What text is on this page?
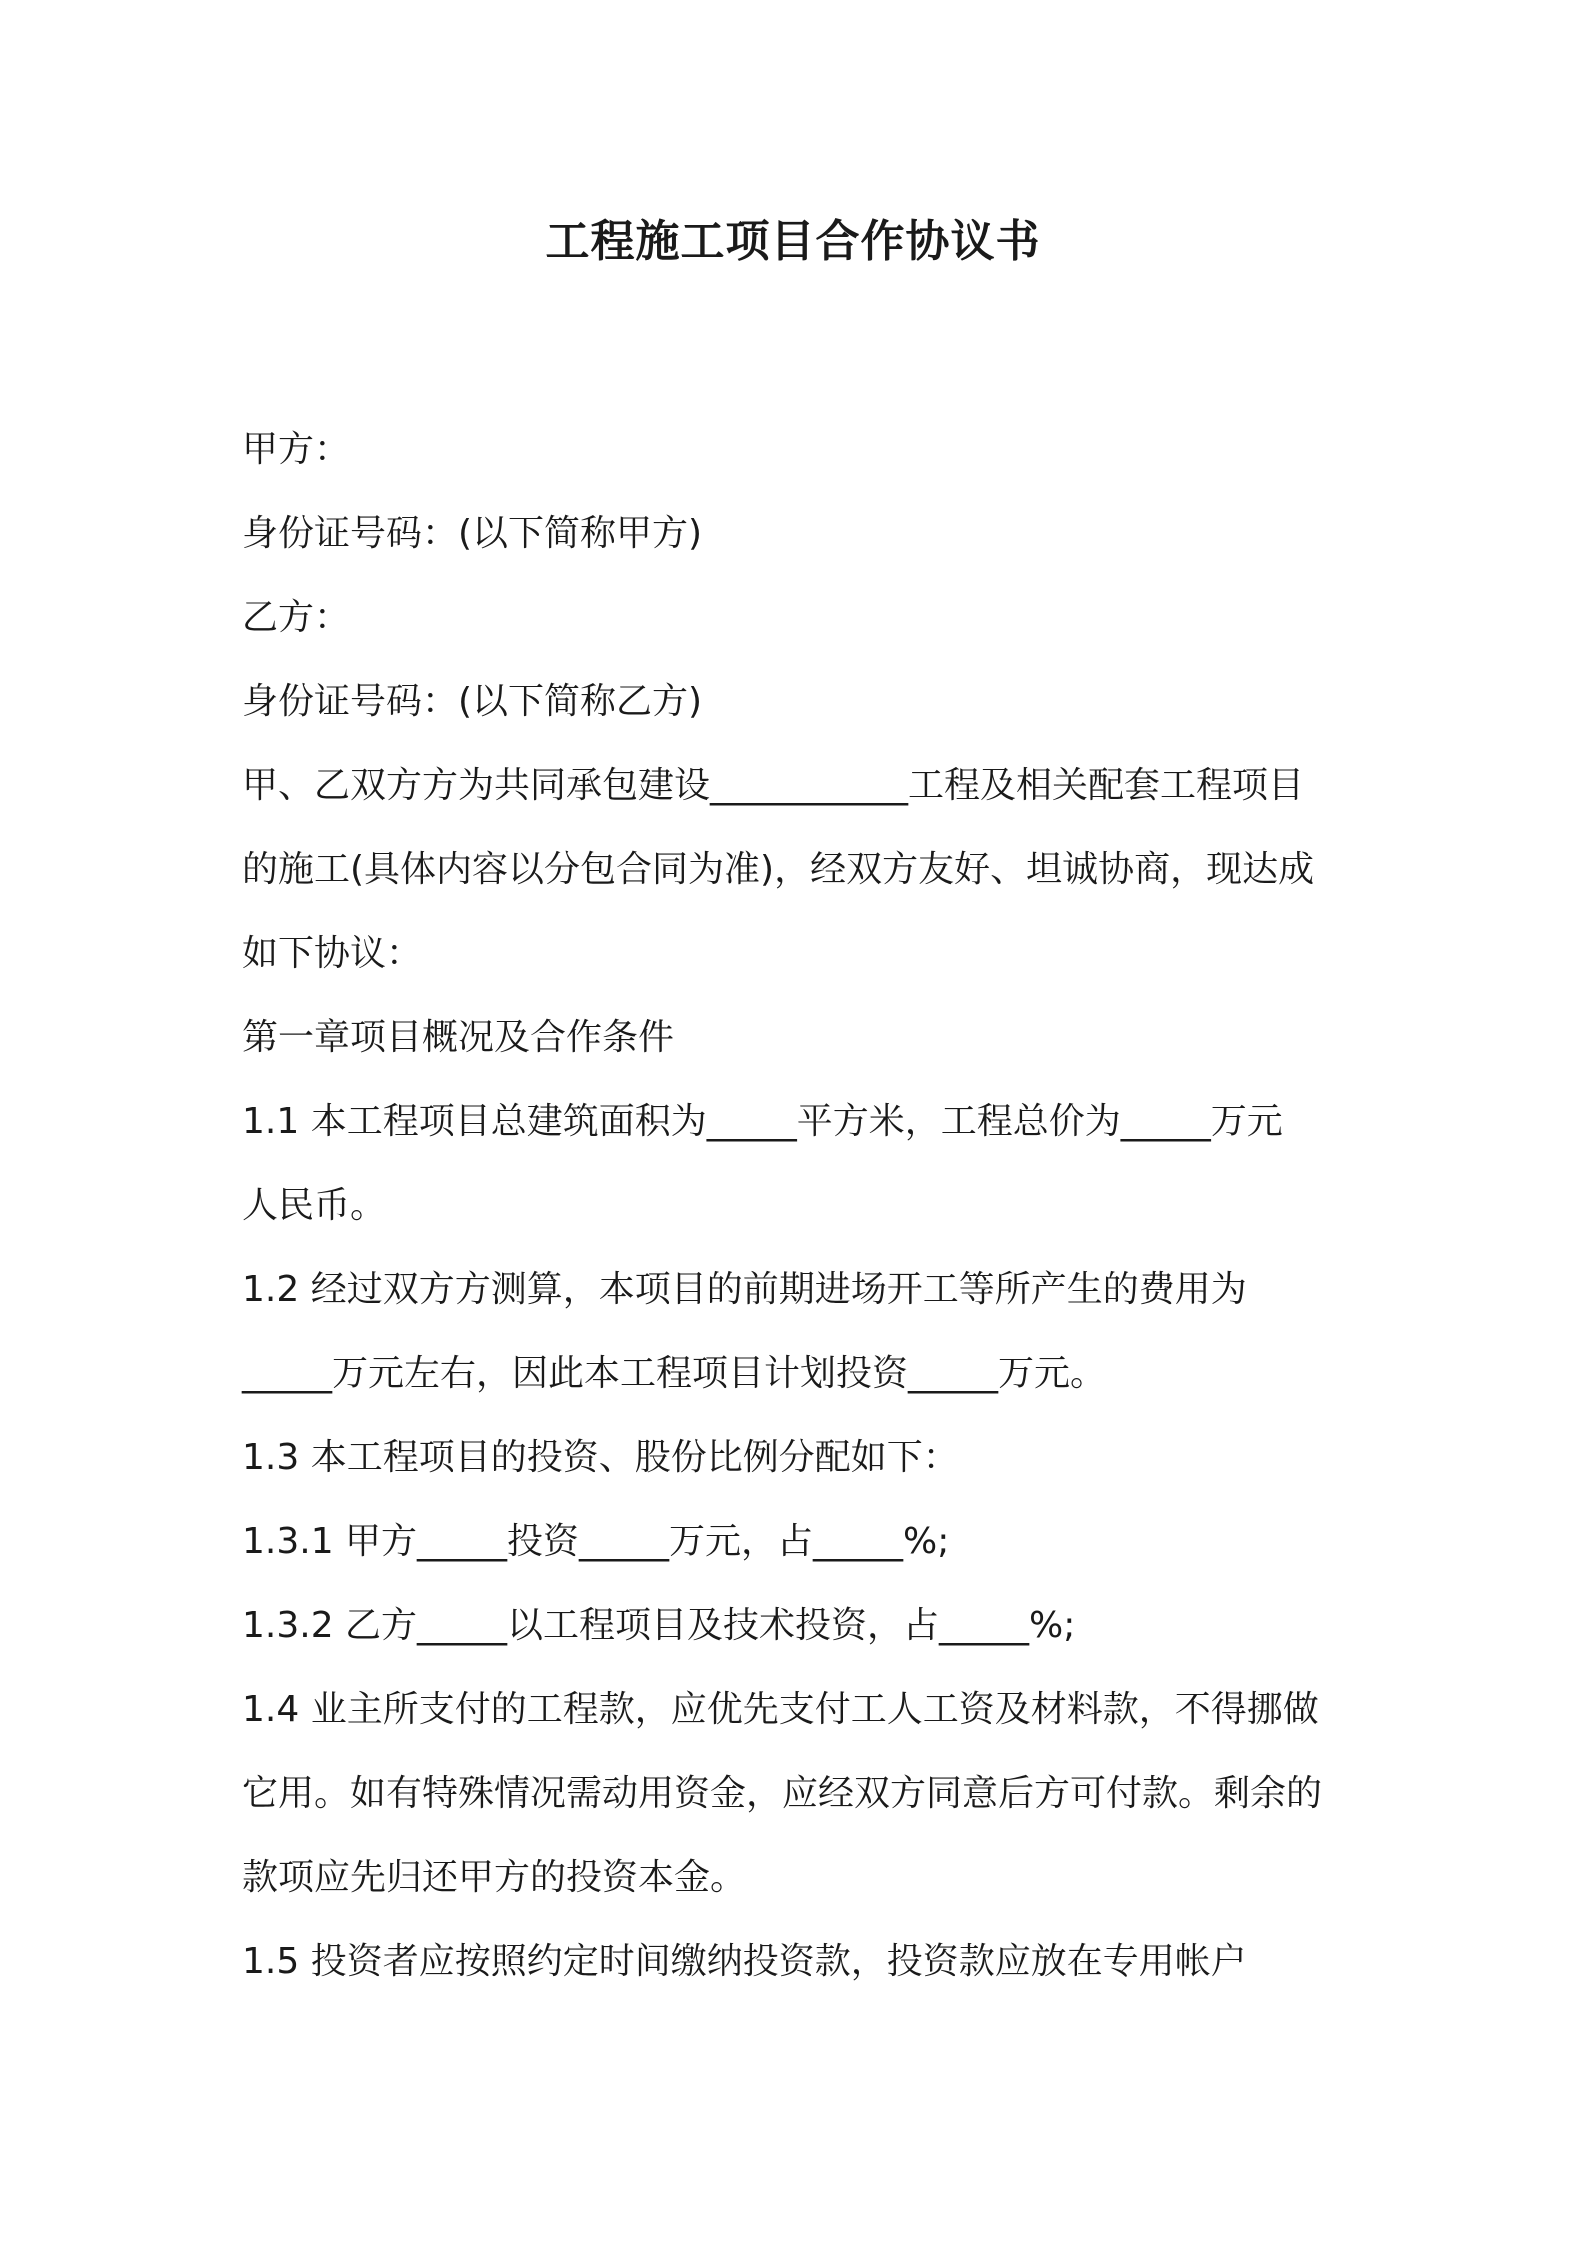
工程施工项目合作协议书
甲方：
身份证号码：(以下简称甲方)
乙方：
身份证号码：(以下简称乙方)
甲、乙双方方为共同承包建设___________工程及相关配套工程项目
的施工(具体内容以分包合同为准)，经双方友好、坦诚协商，现达成
如下协议：
第一章项目概况及合作条件
1.1 本工程项目总建筑面积为_____平方米，工程总价为_____万元
人民币。
1.2 经过双方方测算，本项目的前期进场开工等所产生的费用为
_____万元左右，因此本工程项目计划投资_____万元。
1.3 本工程项目的投资、股份比例分配如下：
1.3.1 甲方_____投资_____万元，占_____%;
1.3.2 乙方_____以工程项目及技术投资，占_____%;
1.4 业主所支付的工程款，应优先支付工人工资及材料款，不得挪做
它用。如有特殊情况需动用资金，应经双方同意后方可付款。剩余的
款项应先归还甲方的投资本金。
1.5 投资者应按照约定时间缴纳投资款，投资款应放在专用帐户
